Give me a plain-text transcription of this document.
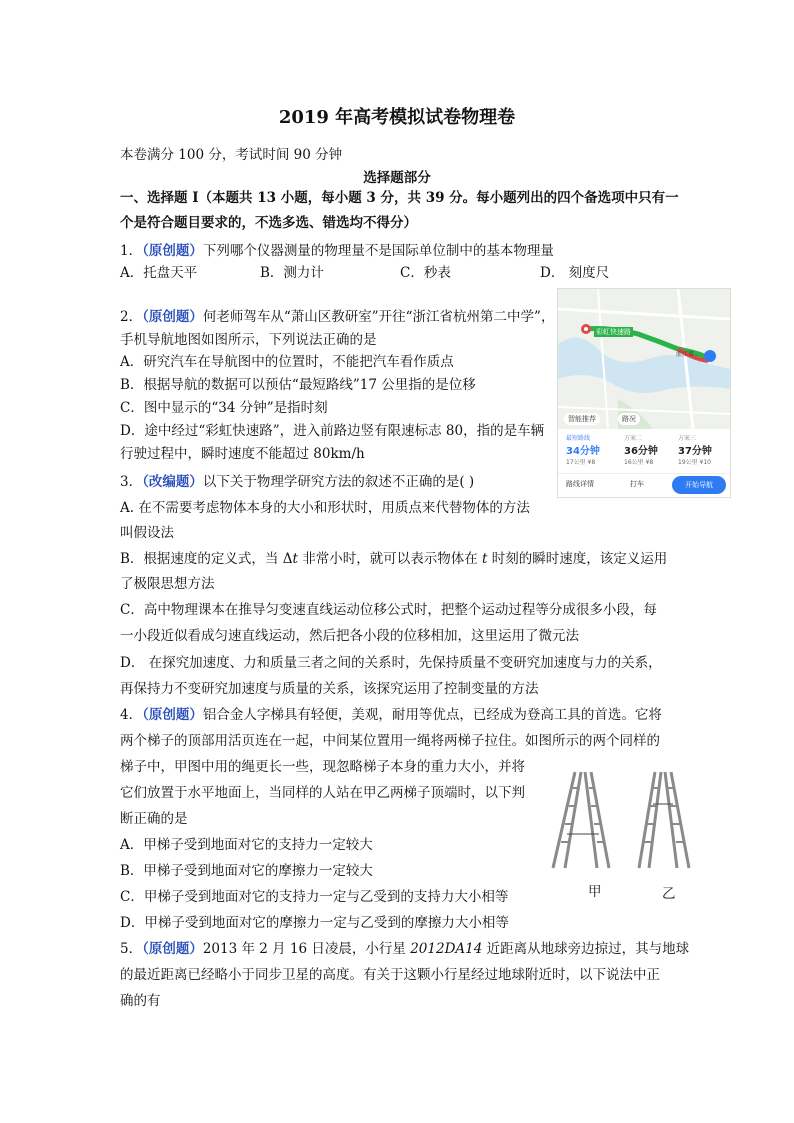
2019 年高考模拟试卷物理卷
本卷满分 100 分，考试时间 90 分钟
选择题部分
一、选择题 I（本题共 13 小题，每小题 3 分，共 39 分。每小题列出的四个备选项中只有一
个是符合题目要求的，不选多选、错选均不得分）
1．（原创题）下列哪个仪器测量的物理量不是国际单位制中的基本物理量
A．托盘天平	B．测力计	C．秒表	D． 刻度尺
2．（原创题）何老师驾车从“萧山区教研室”开往“浙江省杭州第二中学”，
手机导航地图如图所示，下列说法正确的是
A．研究汽车在导航图中的位置时，不能把汽车看作质点
B．根据导航的数据可以预估“最短路线”17 公里指的是位移
C．图中显示的“34 分钟”是指时刻
D．途中经过“彩虹快速路”，进入前路边竖有限速标志 80，指的是车辆
行驶过程中，瞬时速度不能超过 80km/h
彩虹快速路
浙江省...
智能推荐	路况
最短路线
34分钟
17公里 ¥8
方案二
36分钟
16公里 ¥8
方案三
37分钟
19公里 ¥10
路线详情	打车	开始导航
3．（改编题）以下关于物理学研究方法的叙述不正确的是( )
A. 在不需要考虑物体本身的大小和形状时，用质点来代替物体的方法
叫假设法
B．根据速度的定义式，当 Δt 非常小时，就可以表示物体在 t 时刻的瞬时速度，该定义运用
了极限思想方法
C．高中物理课本在推导匀变速直线运动位移公式时，把整个运动过程等分成很多小段，每
一小段近似看成匀速直线运动，然后把各小段的位移相加，这里运用了微元法
D． 在探究加速度、力和质量三者之间的关系时，先保持质量不变研究加速度与力的关系，
再保持力不变研究加速度与质量的关系，该探究运用了控制变量的方法
4．（原创题）铝合金人字梯具有轻便，美观，耐用等优点，已经成为登高工具的首选。它将
两个梯子的顶部用活页连在一起，中间某位置用一绳将两梯子拉住。如图所示的两个同样的
梯子中，甲图中用的绳更长一些，现忽略梯子本身的重力大小，并将
它们放置于水平地面上，当同样的人站在甲乙两梯子顶端时，以下判
断正确的是
A．甲梯子受到地面对它的支持力一定较大
B．甲梯子受到地面对它的摩擦力一定较大
C．甲梯子受到地面对它的支持力一定与乙受到的支持力大小相等
D．甲梯子受到地面对它的摩擦力一定与乙受到的摩擦力大小相等
甲	乙
5．（原创题）2013 年 2 月 16 日凌晨，小行星 2012DA14 近距离从地球旁边掠过，其与地球
的最近距离已经略小于同步卫星的高度。有关于这颗小行星经过地球附近时，以下说法中正
确的有
